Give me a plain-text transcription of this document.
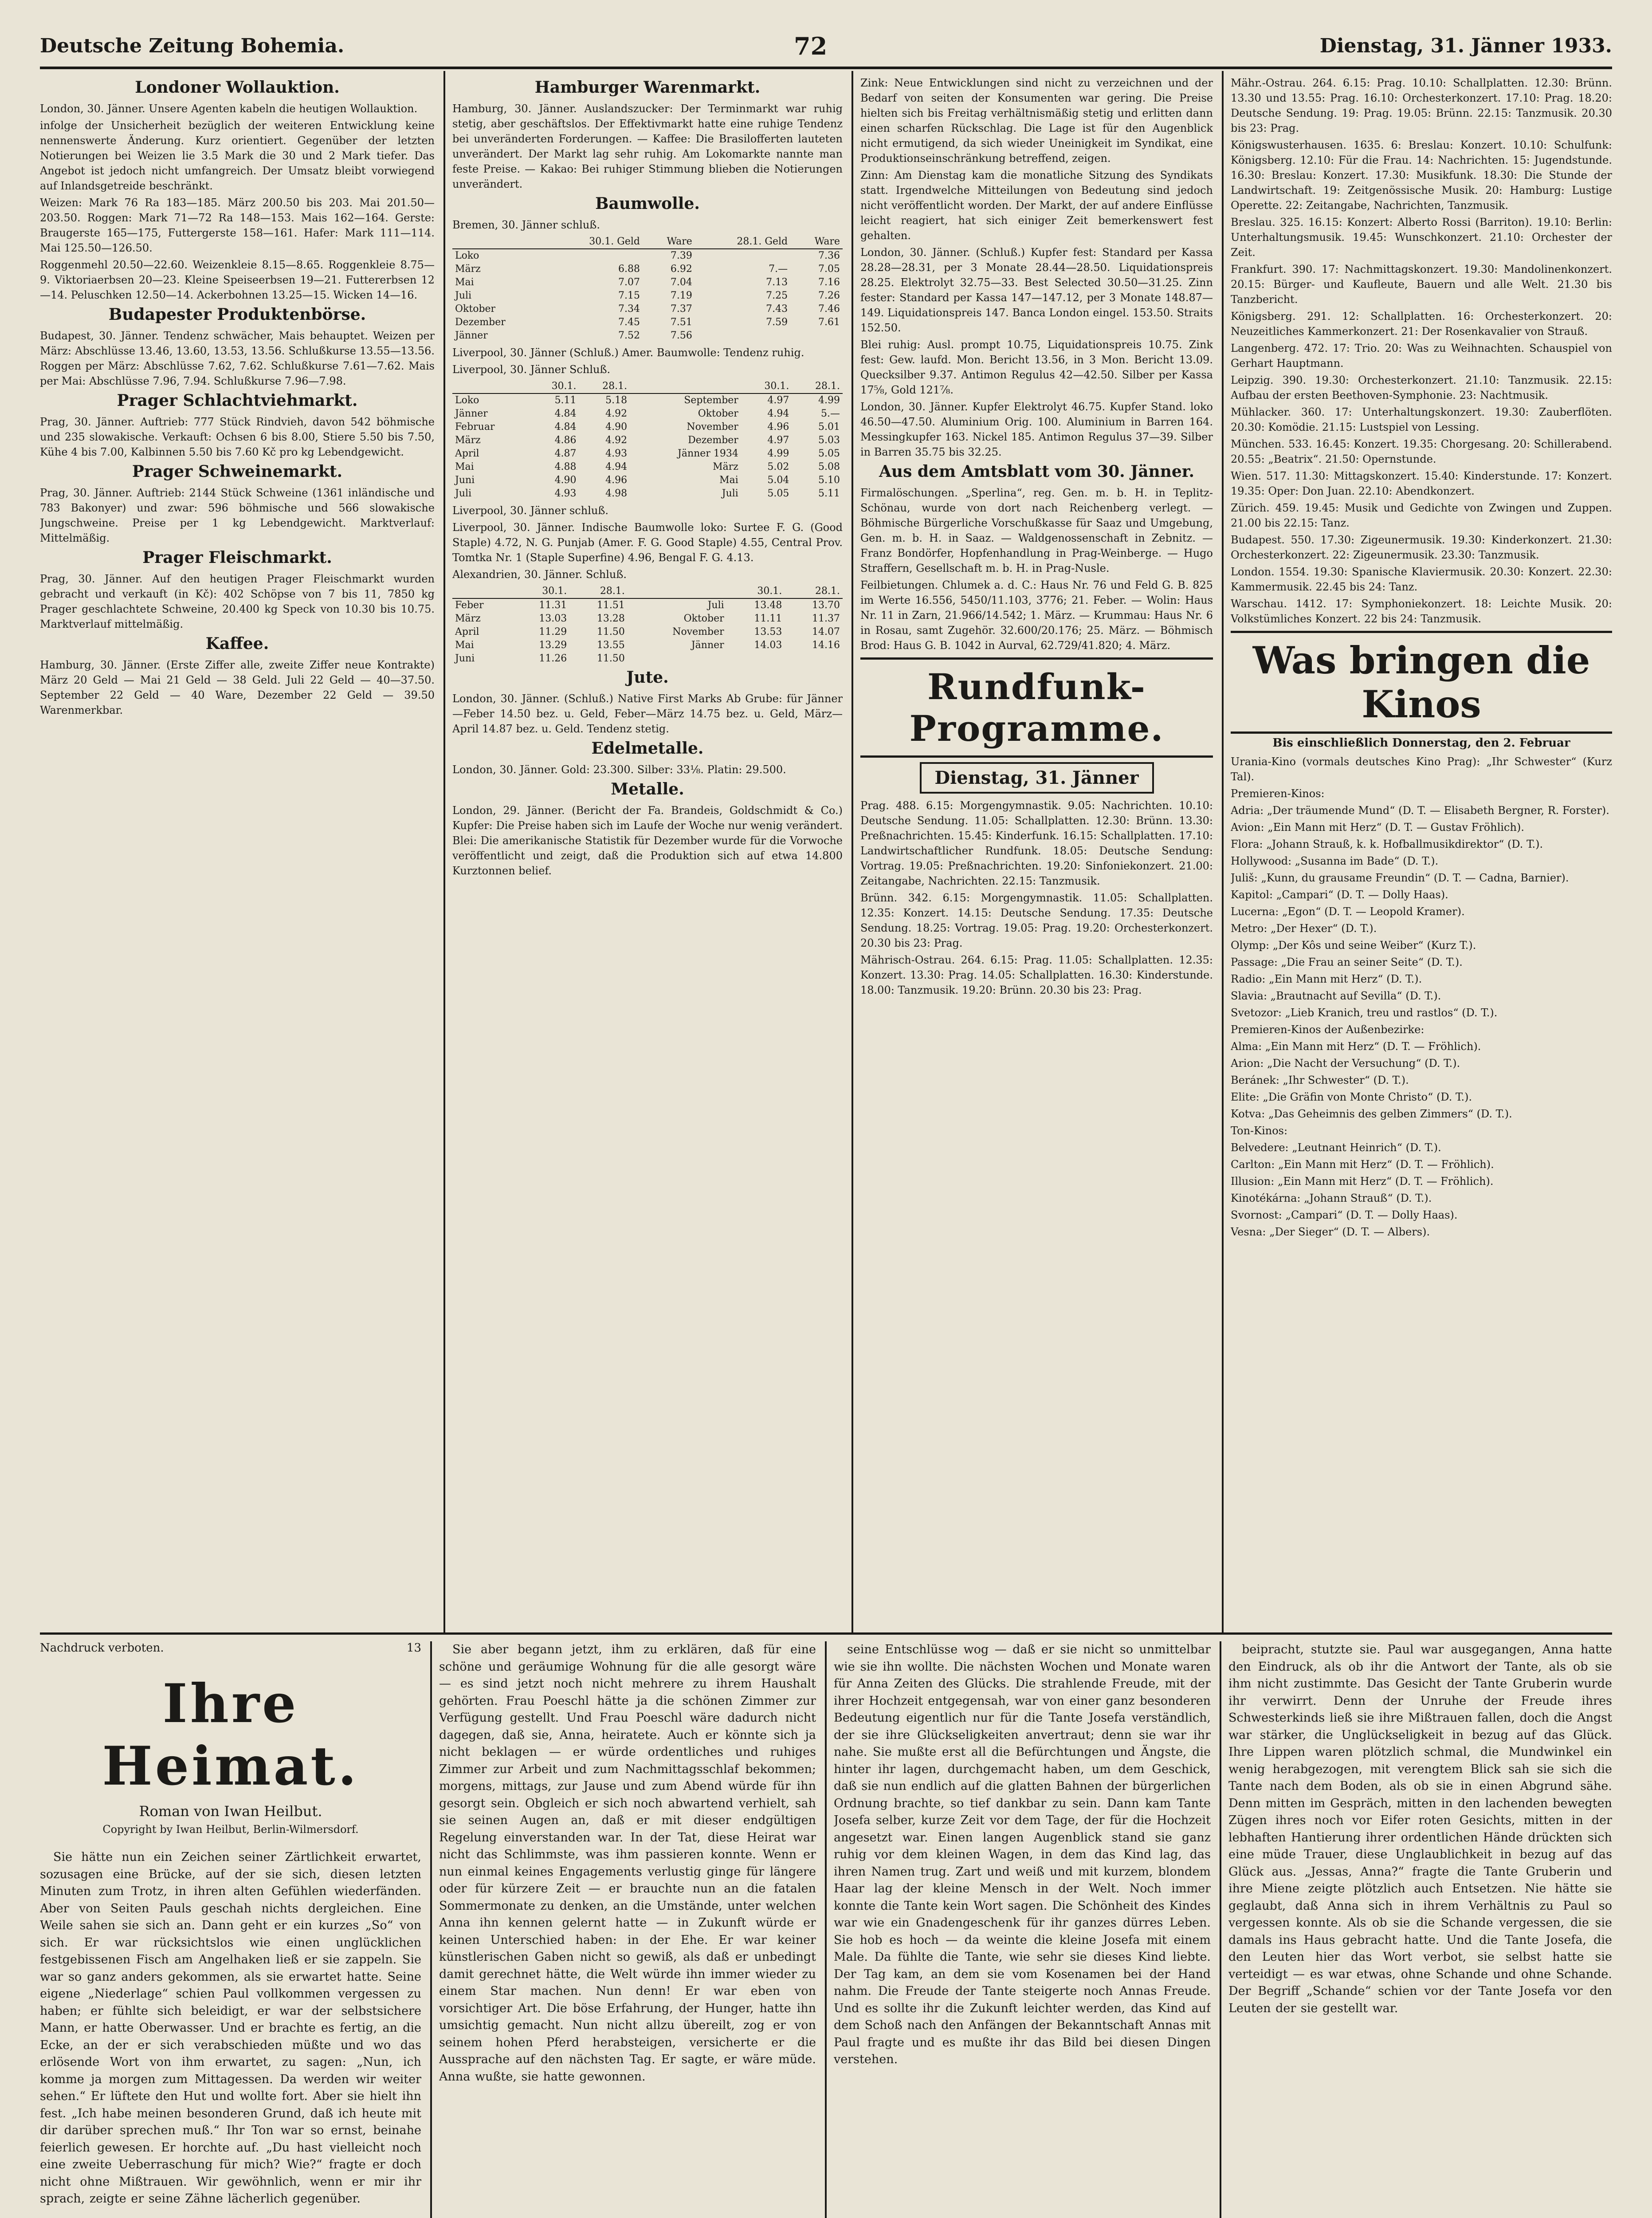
Deutsche Zeitung Bohemia.	72	Dienstag, 31. Jänner 1933.
Londoner Wollauktion.

London, 30. Jänner. Unsere Agenten kabeln die heutigen Wollauktion.

infolge der Unsicherheit bezüglich der weiteren Entwicklung keine nennenswerte Änderung. Kurz orientiert. Gegenüber der letzten Notierungen bei Weizen lie 3.5 Mark die 30 und 2 Mark tiefer. Das Angebot ist jedoch nicht umfangreich. Der Umsatz bleibt vorwiegend auf Inlandsgetreide beschränkt.

Weizen: Mark 76 Ra 183—185. März 200.50 bis 203. Mai 201.50—203.50. Roggen: Mark 71—72 Ra 148—153. Mais 162—164. Gerste: Braugerste 165—175, Futtergerste 158—161. Hafer: Mark 111—114. Mai 125.50—126.50.

Roggenmehl 20.50—22.60. Weizenkleie 8.15—8.65. Roggenkleie 8.75—9. Viktoriaerbsen 20—23. Kleine Speiseerbsen 19—21. Futtererbsen 12—14. Peluschken 12.50—14. Ackerbohnen 13.25—15. Wicken 14—16.

Budapester Produktenbörse.

Budapest, 30. Jänner. Tendenz schwächer, Mais behauptet. Weizen per März: Abschlüsse 13.46, 13.60, 13.53, 13.56. Schlußkurse 13.55—13.56. Roggen per März: Abschlüsse 7.62, 7.62. Schlußkurse 7.61—7.62. Mais per Mai: Abschlüsse 7.96, 7.94. Schlußkurse 7.96—7.98.

Prager Schlachtviehmarkt.

Prag, 30. Jänner. Auftrieb: 777 Stück Rindvieh, davon 542 böhmische und 235 slowakische. Verkauft: Ochsen 6 bis 8.00, Stiere 5.50 bis 7.50, Kühe 4 bis 7.00, Kalbinnen 5.50 bis 7.60 Kč pro kg Lebendgewicht.

Prager Schweinemarkt.

Prag, 30. Jänner. Auftrieb: 2144 Stück Schweine (1361 inländische und 783 Bakonyer) und zwar: 596 böhmische und 566 slowakische Jungschweine. Preise per 1 kg Lebendgewicht. Marktverlauf: Mittelmäßig.

Prager Fleischmarkt.

Prag, 30. Jänner. Auf den heutigen Prager Fleischmarkt wurden gebracht und verkauft (in Kč): 402 Schöpse von 7 bis 11, 7850 kg Prager geschlachtete Schweine, 20.400 kg Speck von 10.30 bis 10.75. Marktverlauf mittelmäßig.

Kaffee.

Hamburg, 30. Jänner. (Erste Ziffer alle, zweite Ziffer neue Kontrakte) März 20 Geld — Mai 21 Geld — 38 Geld. Juli 22 Geld — 40—37.50. September 22 Geld — 40 Ware, Dezember 22 Geld — 39.50 Warenmerkbar.

Hamburger Warenmarkt.

Hamburg, 30. Jänner. Auslandszucker: Der Terminmarkt war ruhig stetig, aber geschäftslos. Der Effektivmarkt hatte eine ruhige Tendenz bei unveränderten Forderungen. — Kaffee: Die Brasilofferten lauteten unverändert. Der Markt lag sehr ruhig. Am Lokomarkte nannte man feste Preise. — Kakao: Bei ruhiger Stimmung blieben die Notierungen unverändert.

Baumwolle.

Bremen, 30. Jänner schluß.

	30.1. Geld	Ware	28.1. Geld	Ware
Loko		7.39		7.36
März	6.88	6.92	7.—	7.05
Mai	7.07	7.04	7.13	7.16
Juli	7.15	7.19	7.25	7.26
Oktober	7.34	7.37	7.43	7.46
Dezember	7.45	7.51	7.59	7.61
Jänner	7.52	7.56		

Liverpool, 30. Jänner (Schluß.) Amer. Baumwolle: Tendenz ruhig.

Liverpool, 30. Jänner Schluß.

	30.1.	28.1.		30.1.	28.1.
Loko	5.11	5.18	September	4.97	4.99
Jänner	4.84	4.92	Oktober	4.94	5.—
Februar	4.84	4.90	November	4.96	5.01
März	4.86	4.92	Dezember	4.97	5.03
April	4.87	4.93	Jänner 1934	4.99	5.05
Mai	4.88	4.94	März	5.02	5.08
Juni	4.90	4.96	Mai	5.04	5.10
Juli	4.93	4.98	Juli	5.05	5.11

Liverpool, 30. Jänner schluß.

Liverpool, 30. Jänner. Indische Baumwolle loko: Surtee F. G. (Good Staple) 4.72, N. G. Punjab (Amer. F. G. Good Staple) 4.55, Central Prov. Tomtka Nr. 1 (Staple Superfine) 4.96, Bengal F. G. 4.13.

Alexandrien, 30. Jänner. Schluß.

	30.1.	28.1.		30.1.	28.1.
Feber	11.31	11.51	Juli	13.48	13.70
März	13.03	13.28	Oktober	11.11	11.37
April	11.29	11.50	November	13.53	14.07
Mai	13.29	13.55	Jänner	14.03	14.16
Juni	11.26	11.50			
Jute.

London, 30. Jänner. (Schluß.) Native First Marks Ab Grube: für Jänner—Feber 14.50 bez. u. Geld, Feber—März 14.75 bez. u. Geld, März—April 14.87 bez. u. Geld. Tendenz stetig.

Edelmetalle.

London, 30. Jänner. Gold: 23.300. Silber: 33⅛. Platin: 29.500.

Metalle.

London, 29. Jänner. (Bericht der Fa. Brandeis, Goldschmidt & Co.) Kupfer: Die Preise haben sich im Laufe der Woche nur wenig verändert. Blei: Die amerikanische Statistik für Dezember wurde für die Vorwoche veröffentlicht und zeigt, daß die Produktion sich auf etwa 14.800 Kurztonnen belief.

Zink: Neue Entwicklungen sind nicht zu verzeichnen und der Bedarf von seiten der Konsumenten war gering. Die Preise hielten sich bis Freitag verhältnismäßig stetig und erlitten dann einen scharfen Rückschlag. Die Lage ist für den Augenblick nicht ermutigend, da sich wieder Uneinigkeit im Syndikat, eine Produktionseinschränkung betreffend, zeigen.

Zinn: Am Dienstag kam die monatliche Sitzung des Syndikats statt. Irgendwelche Mitteilungen von Bedeutung sind jedoch nicht veröffentlicht worden. Der Markt, der auf andere Einflüsse leicht reagiert, hat sich einiger Zeit bemerkenswert fest gehalten.

London, 30. Jänner. (Schluß.) Kupfer fest: Standard per Kassa 28.28—28.31, per 3 Monate 28.44—28.50. Liquidationspreis 28.25. Elektrolyt 32.75—33. Best Selected 30.50—31.25. Zinn fester: Standard per Kassa 147—147.12, per 3 Monate 148.87—149. Liquidationspreis 147. Banca London eingel. 153.50. Straits 152.50.

Blei ruhig: Ausl. prompt 10.75, Liquidationspreis 10.75. Zink fest: Gew. laufd. Mon. Bericht 13.56, in 3 Mon. Bericht 13.09. Quecksilber 9.37. Antimon Regulus 42—42.50. Silber per Kassa 17⅝, Gold 121⅞.

London, 30. Jänner. Kupfer Elektrolyt 46.75. Kupfer Stand. loko 46.50—47.50. Aluminium Orig. 100. Aluminium in Barren 164. Messingkupfer 163. Nickel 185. Antimon Regulus 37—39. Silber in Barren 35.75 bis 32.25.

Aus dem Amtsblatt vom 30. Jänner.

Firmalöschungen. „Sperlina“, reg. Gen. m. b. H. in Teplitz-Schönau, wurde von dort nach Reichenberg verlegt. — Böhmische Bürgerliche Vorschußkasse für Saaz und Umgebung, Gen. m. b. H. in Saaz. — Waldgenossenschaft in Zebnitz. — Franz Bondörfer, Hopfenhandlung in Prag-Weinberge. — Hugo Straffern, Gesellschaft m. b. H. in Prag-Nusle.

Feilbietungen. Chlumek a. d. C.: Haus Nr. 76 und Feld G. B. 825 im Werte 16.556, 5450/11.103, 3776; 21. Feber. — Wolin: Haus Nr. 11 in Zarn, 21.966/14.542; 1. März. — Krummau: Haus Nr. 6 in Rosau, samt Zugehör. 32.600/20.176; 25. März. — Böhmisch Brod: Haus G. B. 1042 in Aurval, 62.729/41.820; 4. März.

Rundfunk-Programme.
Dienstag, 31. Jänner

Prag. 488. 6.15: Morgengymnastik. 9.05: Nachrichten. 10.10: Deutsche Sendung. 11.05: Schallplatten. 12.30: Brünn. 13.30: Preßnachrichten. 15.45: Kinderfunk. 16.15: Schallplatten. 17.10: Landwirtschaftlicher Rundfunk. 18.05: Deutsche Sendung: Vortrag. 19.05: Preßnachrichten. 19.20: Sinfoniekonzert. 21.00: Zeitangabe, Nachrichten. 22.15: Tanzmusik.

Brünn. 342. 6.15: Morgengymnastik. 11.05: Schallplatten. 12.35: Konzert. 14.15: Deutsche Sendung. 17.35: Deutsche Sendung. 18.25: Vortrag. 19.05: Prag. 19.20: Orchesterkonzert. 20.30 bis 23: Prag.

Mährisch-Ostrau. 264. 6.15: Prag. 11.05: Schallplatten. 12.35: Konzert. 13.30: Prag. 14.05: Schallplatten. 16.30: Kinderstunde. 18.00: Tanzmusik. 19.20: Brünn. 20.30 bis 23: Prag.

Mähr.-Ostrau. 264. 6.15: Prag. 10.10: Schallplatten. 12.30: Brünn. 13.30 und 13.55: Prag. 16.10: Orchesterkonzert. 17.10: Prag. 18.20: Deutsche Sendung. 19: Prag. 19.05: Brünn. 22.15: Tanzmusik. 20.30 bis 23: Prag.

Königswusterhausen. 1635. 6: Breslau: Konzert. 10.10: Schulfunk: Königsberg. 12.10: Für die Frau. 14: Nachrichten. 15: Jugendstunde. 16.30: Breslau: Konzert. 17.30: Musikfunk. 18.30: Die Stunde der Landwirtschaft. 19: Zeitgenössische Musik. 20: Hamburg: Lustige Operette. 22: Zeitangabe, Nachrichten, Tanzmusik.

Breslau. 325. 16.15: Konzert: Alberto Rossi (Barriton). 19.10: Berlin: Unterhaltungsmusik. 19.45: Wunschkonzert. 21.10: Orchester der Zeit.

Frankfurt. 390. 17: Nachmittagskonzert. 19.30: Mandolinenkonzert. 20.15: Bürger- und Kaufleute, Bauern und alle Welt. 21.30 bis Tanzbericht.

Königsberg. 291. 12: Schallplatten. 16: Orchesterkonzert. 20: Neuzeitliches Kammerkonzert. 21: Der Rosenkavalier von Strauß.

Langenberg. 472. 17: Trio. 20: Was zu Weihnachten. Schauspiel von Gerhart Hauptmann.

Leipzig. 390. 19.30: Orchesterkonzert. 21.10: Tanzmusik. 22.15: Aufbau der ersten Beethoven-Symphonie. 23: Nachtmusik.

Mühlacker. 360. 17: Unterhaltungskonzert. 19.30: Zauberflöten. 20.30: Komödie. 21.15: Lustspiel von Lessing.

München. 533. 16.45: Konzert. 19.35: Chorgesang. 20: Schillerabend. 20.55: „Beatrix“. 21.50: Opernstunde.

Wien. 517. 11.30: Mittagskonzert. 15.40: Kinderstunde. 17: Konzert. 19.35: Oper: Don Juan. 22.10: Abendkonzert.

Zürich. 459. 19.45: Musik und Gedichte von Zwingen und Zuppen. 21.00 bis 22.15: Tanz.

Budapest. 550. 17.30: Zigeunermusik. 19.30: Kinderkonzert. 21.30: Orchesterkonzert. 22: Zigeunermusik. 23.30: Tanzmusik.

London. 1554. 19.30: Spanische Klaviermusik. 20.30: Konzert. 22.30: Kammermusik. 22.45 bis 24: Tanz.

Warschau. 1412. 17: Symphoniekonzert. 18: Leichte Musik. 20: Volkstümliches Konzert. 22 bis 24: Tanzmusik.

Was bringen die Kinos
Bis einschließlich Donnerstag, den 2. Februar

Urania-Kino (vormals deutsches Kino Prag): „Ihr Schwester“ (Kurz Tal).

Premieren-Kinos:

Adria: „Der träumende Mund“ (D. T. — Elisabeth Bergner, R. Forster).

Avion: „Ein Mann mit Herz“ (D. T. — Gustav Fröhlich).

Flora: „Johann Strauß, k. k. Hofballmusikdirektor“ (D. T.).

Hollywood: „Susanna im Bade“ (D. T.).

Juliš: „Kunn, du grausame Freundin“ (D. T. — Cadna, Barnier).

Kapitol: „Campari“ (D. T. — Dolly Haas).

Lucerna: „Egon“ (D. T. — Leopold Kramer).

Metro: „Der Hexer“ (D. T.).

Olymp: „Der Kôs und seine Weiber“ (Kurz T.).

Passage: „Die Frau an seiner Seite“ (D. T.).

Radio: „Ein Mann mit Herz“ (D. T.).

Slavia: „Brautnacht auf Sevilla“ (D. T.).

Svetozor: „Lieb Kranich, treu und rastlos“ (D. T.).

Premieren-Kinos der Außenbezirke:

Alma: „Ein Mann mit Herz“ (D. T. — Fröhlich).

Arion: „Die Nacht der Versuchung“ (D. T.).

Beránek: „Ihr Schwester“ (D. T.).

Elite: „Die Gräfin von Monte Christo“ (D. T.).

Kotva: „Das Geheimnis des gelben Zimmers“ (D. T.).

Ton-Kinos:

Belvedere: „Leutnant Heinrich“ (D. T.).

Carlton: „Ein Mann mit Herz“ (D. T. — Fröhlich).

Illusion: „Ein Mann mit Herz“ (D. T. — Fröhlich).

Kinotékárna: „Johann Strauß“ (D. T.).

Svornost: „Campari“ (D. T. — Dolly Haas).

Vesna: „Der Sieger“ (D. T. — Albers).

Nachdruck verboten.	13
Ihre Heimat.
Roman von Iwan Heilbut.
Copyright by Iwan Heilbut, Berlin-Wilmersdorf.

Sie hätte nun ein Zeichen seiner Zärtlichkeit erwartet, sozusagen eine Brücke, auf der sie sich, diesen letzten Minuten zum Trotz, in ihren alten Gefühlen wiederfänden. Aber von Seiten Pauls geschah nichts dergleichen. Eine Weile sahen sie sich an. Dann geht er ein kurzes „So“ von sich. Er war rücksichtslos wie einen unglücklichen festgebissenen Fisch am Angelhaken ließ er sie zappeln. Sie war so ganz anders gekommen, als sie erwartet hatte. Seine eigene „Niederlage“ schien Paul vollkommen vergessen zu haben; er fühlte sich beleidigt, er war der selbstsichere Mann, er hatte Oberwasser. Und er brachte es fertig, an die Ecke, an der er sich verabschieden müßte und wo das erlösende Wort von ihm erwartet, zu sagen: „Nun, ich komme ja morgen zum Mittagessen. Da werden wir weiter sehen.“ Er lüftete den Hut und wollte fort. Aber sie hielt ihn fest. „Ich habe meinen besonderen Grund, daß ich heute mit dir darüber sprechen muß.“ Ihr Ton war so ernst, beinahe feierlich gewesen. Er horchte auf. „Du hast vielleicht noch eine zweite Ueberraschung für mich? Wie?“ fragte er doch nicht ohne Mißtrauen. Wir gewöhnlich, wenn er mir ihr sprach, zeigte er seine Zähne lächerlich gegenüber.

Sie aber begann jetzt, ihm zu erklären, daß für eine schöne und geräumige Wohnung für die alle gesorgt wäre — es sind jetzt noch nicht mehrere zu ihrem Haushalt gehörten. Frau Poeschl hätte ja die schönen Zimmer zur Verfügung gestellt. Und Frau Poeschl wäre dadurch nicht dagegen, daß sie, Anna, heiratete. Auch er könnte sich ja nicht beklagen — er würde ordentliches und ruhiges Zimmer zur Arbeit und zum Nachmittagsschlaf bekommen; morgens, mittags, zur Jause und zum Abend würde für ihn gesorgt sein. Obgleich er sich noch abwartend verhielt, sah sie seinen Augen an, daß er mit dieser endgültigen Regelung einverstanden war. In der Tat, diese Heirat war nicht das Schlimmste, was ihm passieren konnte. Wenn er nun einmal keines Engagements verlustig ginge für längere oder für kürzere Zeit — er brauchte nun an die fatalen Sommermonate zu denken, an die Umstände, unter welchen Anna ihn kennen gelernt hatte — in Zukunft würde er keinen Unterschied haben: in der Ehe. Er war keiner künstlerischen Gaben nicht so gewiß, als daß er unbedingt damit gerechnet hätte, die Welt würde ihn immer wieder zu einem Star machen. Nun denn! Er war eben von vorsichtiger Art. Die böse Erfahrung, der Hunger, hatte ihn umsichtig gemacht. Nun nicht allzu übereilt, zog er von seinem hohen Pferd herabsteigen, versicherte er die Aussprache auf den nächsten Tag. Er sagte, er wäre müde. Anna wußte, sie hatte gewonnen.

seine Entschlüsse wog — daß er sie nicht so unmittelbar wie sie ihn wollte. Die nächsten Wochen und Monate waren für Anna Zeiten des Glücks. Die strahlende Freude, mit der ihrer Hochzeit entgegensah, war von einer ganz besonderen Bedeutung eigentlich nur für die Tante Josefa verständlich, der sie ihre Glückseligkeiten anvertraut; denn sie war ihr nahe. Sie mußte erst all die Befürchtungen und Ängste, die hinter ihr lagen, durchgemacht haben, um dem Geschick, daß sie nun endlich auf die glatten Bahnen der bürgerlichen Ordnung brachte, so tief dankbar zu sein. Dann kam Tante Josefa selber, kurze Zeit vor dem Tage, der für die Hochzeit angesetzt war. Einen langen Augenblick stand sie ganz ruhig vor dem kleinen Wagen, in dem das Kind lag, das ihren Namen trug. Zart und weiß und mit kurzem, blondem Haar lag der kleine Mensch in der Welt. Noch immer konnte die Tante kein Wort sagen. Die Schönheit des Kindes war wie ein Gnadengeschenk für ihr ganzes dürres Leben. Sie hob es hoch — da weinte die kleine Josefa mit einem Male. Da fühlte die Tante, wie sehr sie dieses Kind liebte. Der Tag kam, an dem sie vom Kosenamen bei der Hand nahm. Die Freude der Tante steigerte noch Annas Freude. Und es sollte ihr die Zukunft leichter werden, das Kind auf dem Schoß nach den Anfängen der Bekanntschaft Annas mit Paul fragte und es mußte ihr das Bild bei diesen Dingen verstehen.

beipracht, stutzte sie. Paul war ausgegangen, Anna hatte den Eindruck, als ob ihr die Antwort der Tante, als ob sie ihm nicht zustimmte. Das Gesicht der Tante Gruberin wurde ihr verwirrt. Denn der Unruhe der Freude ihres Schwesterkinds ließ sie ihre Mißtrauen fallen, doch die Angst war stärker, die Unglückseligkeit in bezug auf das Glück. Ihre Lippen waren plötzlich schmal, die Mundwinkel ein wenig herabgezogen, mit verengtem Blick sah sie sich die Tante nach dem Boden, als ob sie in einen Abgrund sähe. Denn mitten im Gespräch, mitten in den lachenden bewegten Zügen ihres noch vor Eifer roten Gesichts, mitten in der lebhaften Hantierung ihrer ordentlichen Hände drückten sich eine müde Trauer, diese Unglaublichkeit in bezug auf das Glück aus. „Jessas, Anna?“ fragte die Tante Gruberin und ihre Miene zeigte plötzlich auch Entsetzen. Nie hätte sie geglaubt, daß Anna sich in ihrem Verhältnis zu Paul so vergessen konnte. Als ob sie die Schande vergessen, die sie damals ins Haus gebracht hatte. Und die Tante Josefa, die den Leuten hier das Wort verbot, sie selbst hatte sie verteidigt — es war etwas, ohne Schande und ohne Schande. Der Begriff „Schande“ schien vor der Tante Josefa vor den Leuten der sie gestellt war.
